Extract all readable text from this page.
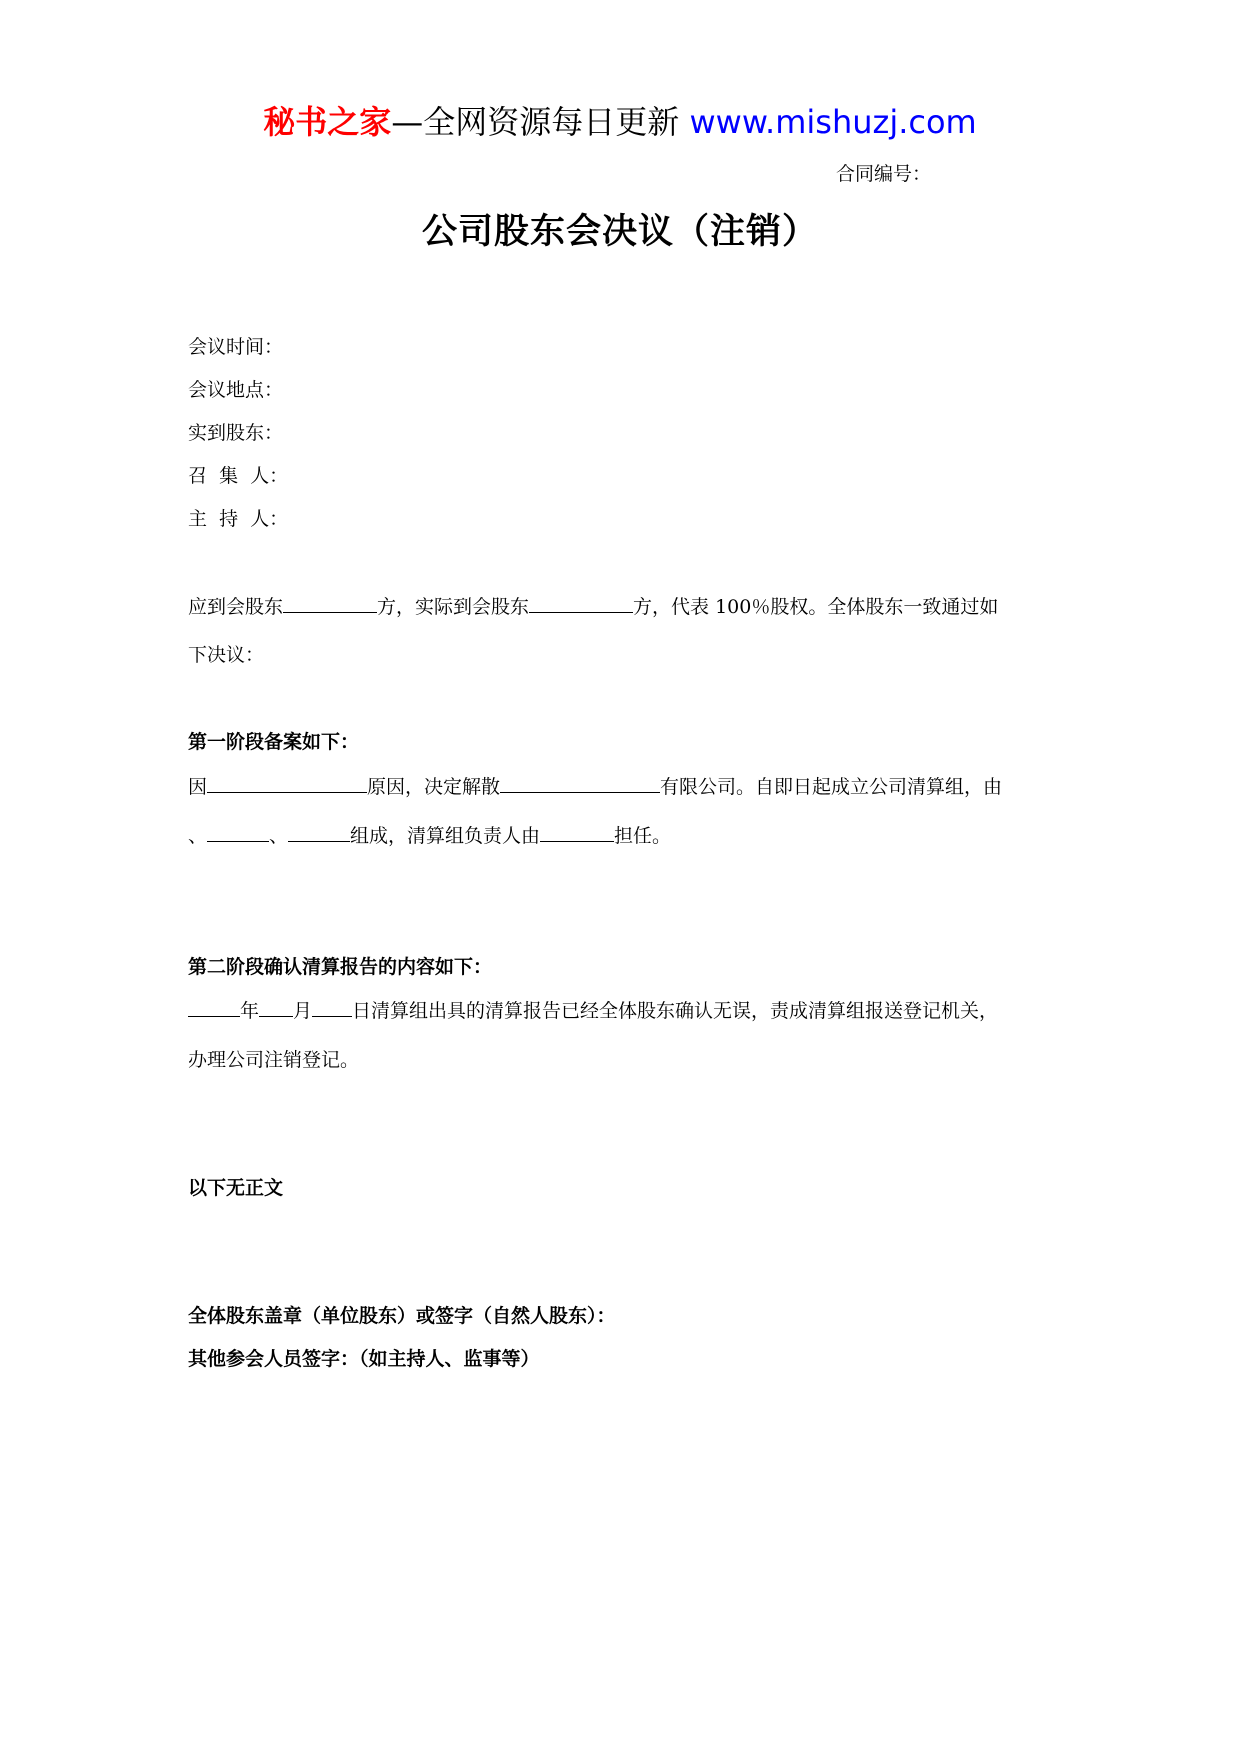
秘书之家—全网资源每日更新 www.mishuzj.com
合同编号：
公司股东会决议（注销）
会议时间：
会议地点：
实到股东：
召  集  人：
主  持  人：
应到会股东	方，实际到会股东	方，代表 100％股权。全体股东一致通过如
下决议：
第一阶段备案如下：
因	原因，决定解散	有限公司。自即日起成立公司清算组，由
、	、	组成，清算组负责人由	担任。
第二阶段确认清算报告的内容如下：
年 月 日清算组出具的清算报告已经全体股东确认无误，责成清算组报送登记机关，
办理公司注销登记。
以下无正文
全体股东盖章（单位股东）或签字（自然人股东）：
其他参会人员签字：（如主持人、监事等）
